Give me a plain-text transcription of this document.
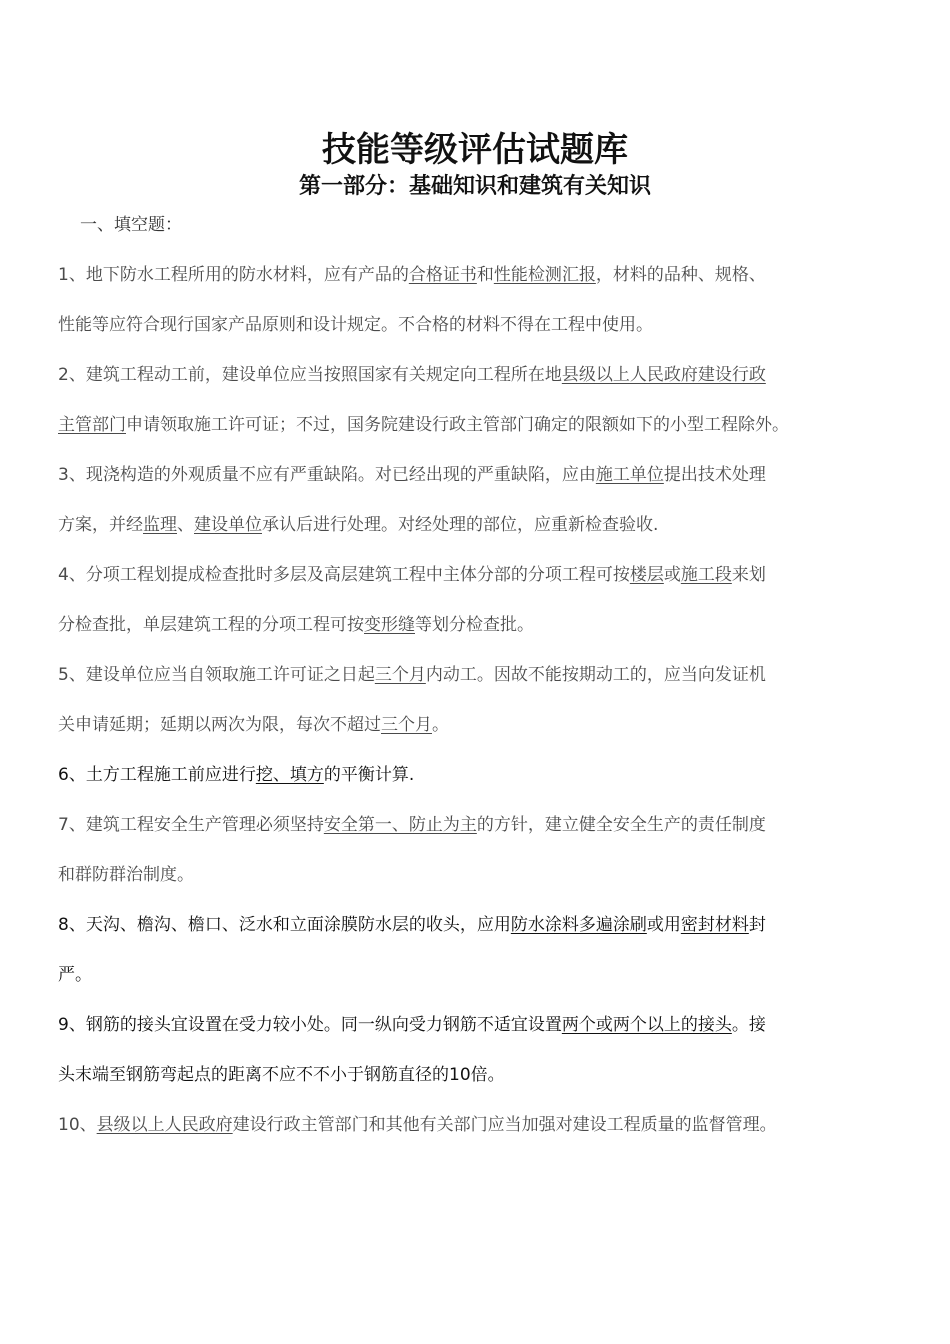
技能等级评估试题库
第一部分：基础知识和建筑有关知识
一、填空题：
1、地下防水工程所用的防水材料，应有产品的合格证书和性能检测汇报，材料的品种、规格、
性能等应符合现行国家产品原则和设计规定。不合格的材料不得在工程中使用。
2、建筑工程动工前，建设单位应当按照国家有关规定向工程所在地县级以上人民政府建设行政
主管部门申请领取施工许可证；不过，国务院建设行政主管部门确定的限额如下的小型工程除外。
3、现浇构造的外观质量不应有严重缺陷。对已经出现的严重缺陷，应由施工单位提出技术处理
方案，并经监理、建设单位承认后进行处理。对经处理的部位，应重新检查验收.
4、分项工程划提成检查批时多层及高层建筑工程中主体分部的分项工程可按楼层或施工段来划
分检查批，单层建筑工程的分项工程可按变形缝等划分检查批。
5、建设单位应当自领取施工许可证之日起三个月内动工。因故不能按期动工的，应当向发证机
关申请延期；延期以两次为限，每次不超过三个月。
6、土方工程施工前应进行挖、填方的平衡计算.
7、建筑工程安全生产管理必须坚持安全第一、防止为主的方针，建立健全安全生产的责任制度
和群防群治制度。
8、天沟、檐沟、檐口、泛水和立面涂膜防水层的收头，应用防水涂料多遍涂刷或用密封材料封
严。
9、钢筋的接头宜设置在受力较小处。同一纵向受力钢筋不适宜设置两个或两个以上的接头。接
头末端至钢筋弯起点的距离不应不不小于钢筋直径的10倍。
10、县级以上人民政府建设行政主管部门和其他有关部门应当加强对建设工程质量的监督管理。
